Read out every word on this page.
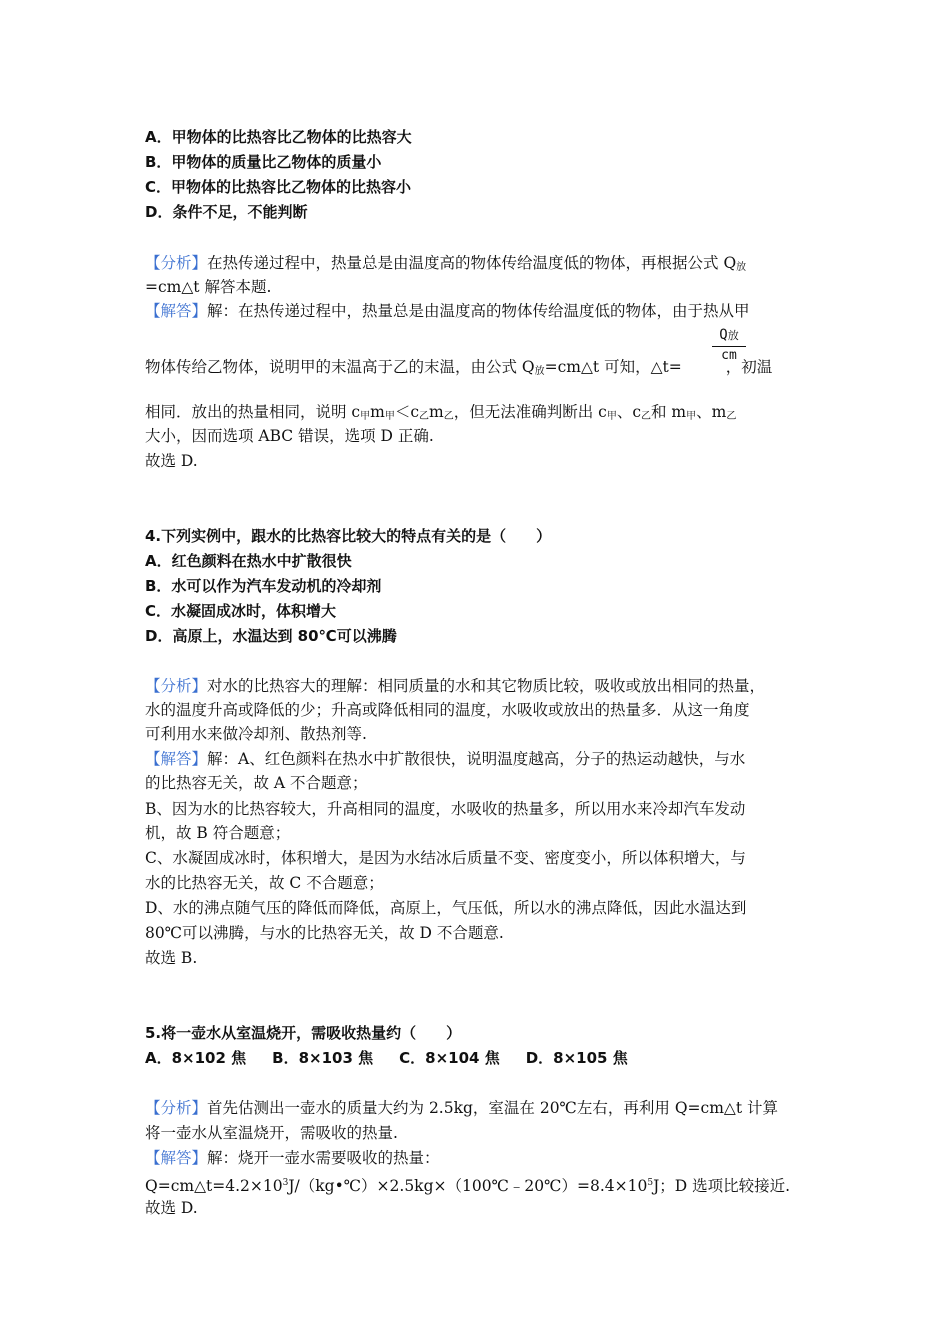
A．甲物体的比热容比乙物体的比热容大
B．甲物体的质量比乙物体的质量小
C．甲物体的比热容比乙物体的比热容小
D．条件不足，不能判断
【分析】在热传递过程中，热量总是由温度高的物体传给温度低的物体，再根据公式 $Q_放$
=cm△t 解答本题.
【解答】解：在热传递过程中，热量总是由温度高的物体传给温度低的物体，由于热从甲
物体传给乙物体，说明甲的末温高于乙的末温，由公式 $Q_放=cm\triangle t$ 可知，△t=	，初温
Q放
cm
相同．放出的热量相同，说明 $c_甲m_甲<c_乙m_乙$，但无法准确判断出 $c_甲$、$c_乙$和 $m_甲$、$m_乙$
大小，因而选项 ABC 错误，选项 D 正确.
故选 D.
4.下列实例中，跟水的比热容比较大的特点有关的是（　　）
A．红色颜料在热水中扩散很快
B．水可以作为汽车发动机的冷却剂
C．水凝固成冰时，体积增大
D．高原上，水温达到 80℃可以沸腾
【分析】对水的比热容大的理解：相同质量的水和其它物质比较，吸收或放出相同的热量，
水的温度升高或降低的少；升高或降低相同的温度，水吸收或放出的热量多．从这一角度
可利用水来做冷却剂、散热剂等.
【解答】解：A、红色颜料在热水中扩散很快，说明温度越高，分子的热运动越快，与水
的比热容无关，故 A 不合题意；
B、因为水的比热容较大，升高相同的温度，水吸收的热量多，所以用水来冷却汽车发动
机，故 B 符合题意；
C、水凝固成冰时，体积增大，是因为水结冰后质量不变、密度变小，所以体积增大，与
水的比热容无关，故 C 不合题意；
D、水的沸点随气压的降低而降低，高原上，气压低，所以水的沸点降低，因此水温达到
80℃可以沸腾，与水的比热容无关，故 D 不合题意.
故选 B.
5.将一壶水从室温烧开，需吸收热量约（　　）
A．8×102 焦 B．8×103 焦 C．8×104 焦 D．8×105 焦
【分析】首先估测出一壶水的质量大约为 2.5kg，室温在 20℃左右，再利用 Q=cm△t 计算
将一壶水从室温烧开，需吸收的热量.
【解答】解：烧开一壶水需要吸收的热量：
$Q=cm\triangle t=4.2\times 10^3J/(kg•℃)\times 2.5kg\times(100℃﹣20℃)=8.4\times 10^5J$；D 选项比较接近.
故选 D.
